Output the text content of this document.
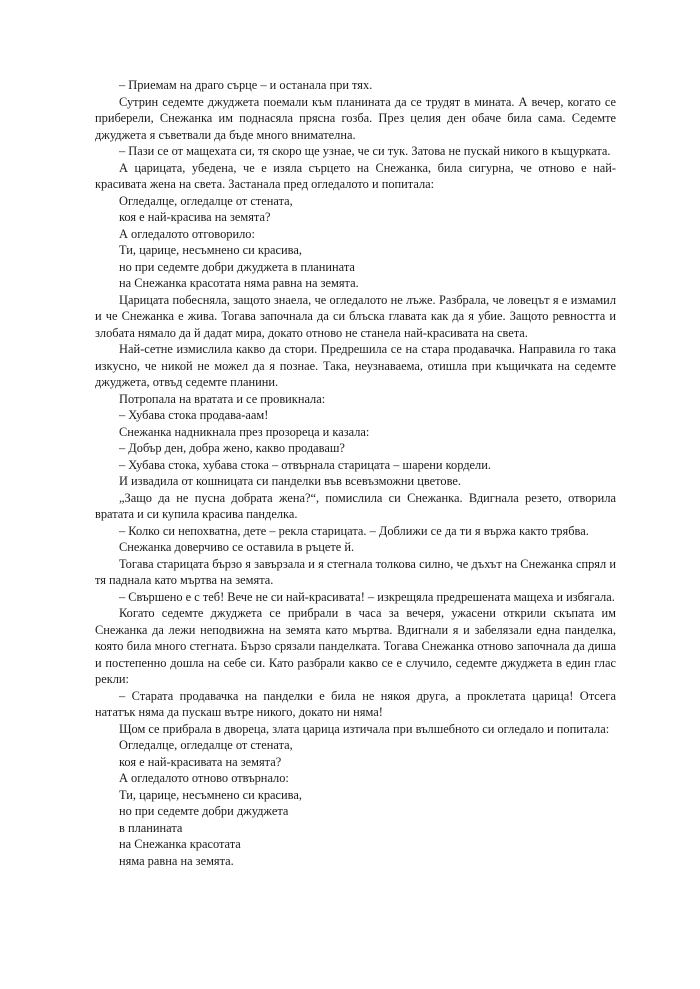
– Приемам на драго сърце – и останала при тях.

Сутрин седемте джуджета поемали към планината да се трудят в мината. А вечер, когато се приберели, Снежанка им поднасяла прясна гозба. През целия ден обаче била сама. Седемте джуджета я съветвали да бъде много внимателна.

– Пази се от мащехата си, тя скоро ще узнае, че си тук. Затова не пускай никого в къщурката.

А царицата, убедена, че е изяла сърцето на Снежанка, била сигурна, че отново е най-красивата жена на света. Застанала пред огледалото и попитала:

Огледалце, огледалце от стената,

коя е най-красива на земята?

А огледалото отговорило:

Ти, царице, несъмнено си красива,

но при седемте добри джуджета в планината

на Снежанка красотата няма равна на земята.

Царицата побесняла, защото знаела, че огледалото не лъже. Разбрала, че ловецът я е измамил и че Снежанка е жива. Тогава започнала да си блъска главата как да я убие. Защото ревността и злобата нямало да й дадат мира, докато отново не станела най-красивата на света.

Най-сетне измислила какво да стори. Предрешила се на стара продавачка. Направила го така изкусно, че никой не можел да я познае. Така, неузнаваема, отишла при къщичката на седемте джуджета, отвъд седемте планини.

Потропала на вратата и се провикнала:

– Хубава стока продава-аам!

Снежанка надникнала през прозореца и казала:

– Добър ден, добра жено, какво продаваш?

– Хубава стока, хубава стока – отвърнала старицата – шарени кордели.

И извадила от кошницата си панделки във всевъзможни цветове.

„Защо да не пусна добрата жена?“, помислила си Снежанка. Вдигнала резето, отворила вратата и си купила красива панделка.

– Колко си непохватна, дете – рекла старицата. – Доближи се да ти я вържа както трябва.

Снежанка доверчиво се оставила в ръцете й.

Тогава старицата бързо я завързала и я стегнала толкова силно, че дъхът на Снежанка спрял и тя паднала като мъртва на земята.

– Свършено е с теб! Вече не си най-красивата! – изкрещяла предрешената мащеха и избягала.

Когато седемте джуджета се прибрали в часа за вечеря, ужасени открили скъпата им Снежанка да лежи неподвижна на земята като мъртва. Вдигнали я и забелязали една панделка, която била много стегната. Бързо срязали панделката. Тогава Снежанка отново започнала да диша и постепенно дошла на себе си. Като разбрали какво се е случило, седемте джуджета в един глас рекли:

– Старата продавачка на панделки е била не някоя друга, а проклетата царица! Отсега нататък няма да пускаш вътре никого, докато ни няма!

Щом се прибрала в двореца, злата царица изтичала при вълшебното си огледало и попитала:

Огледалце, огледалце от стената,

коя е най-красивата на земята?

А огледалото отново отвърнало:

Ти, царице, несъмнено си красива,

но при седемте добри джуджета

в планината

на Снежанка красотата

няма равна на земята.
